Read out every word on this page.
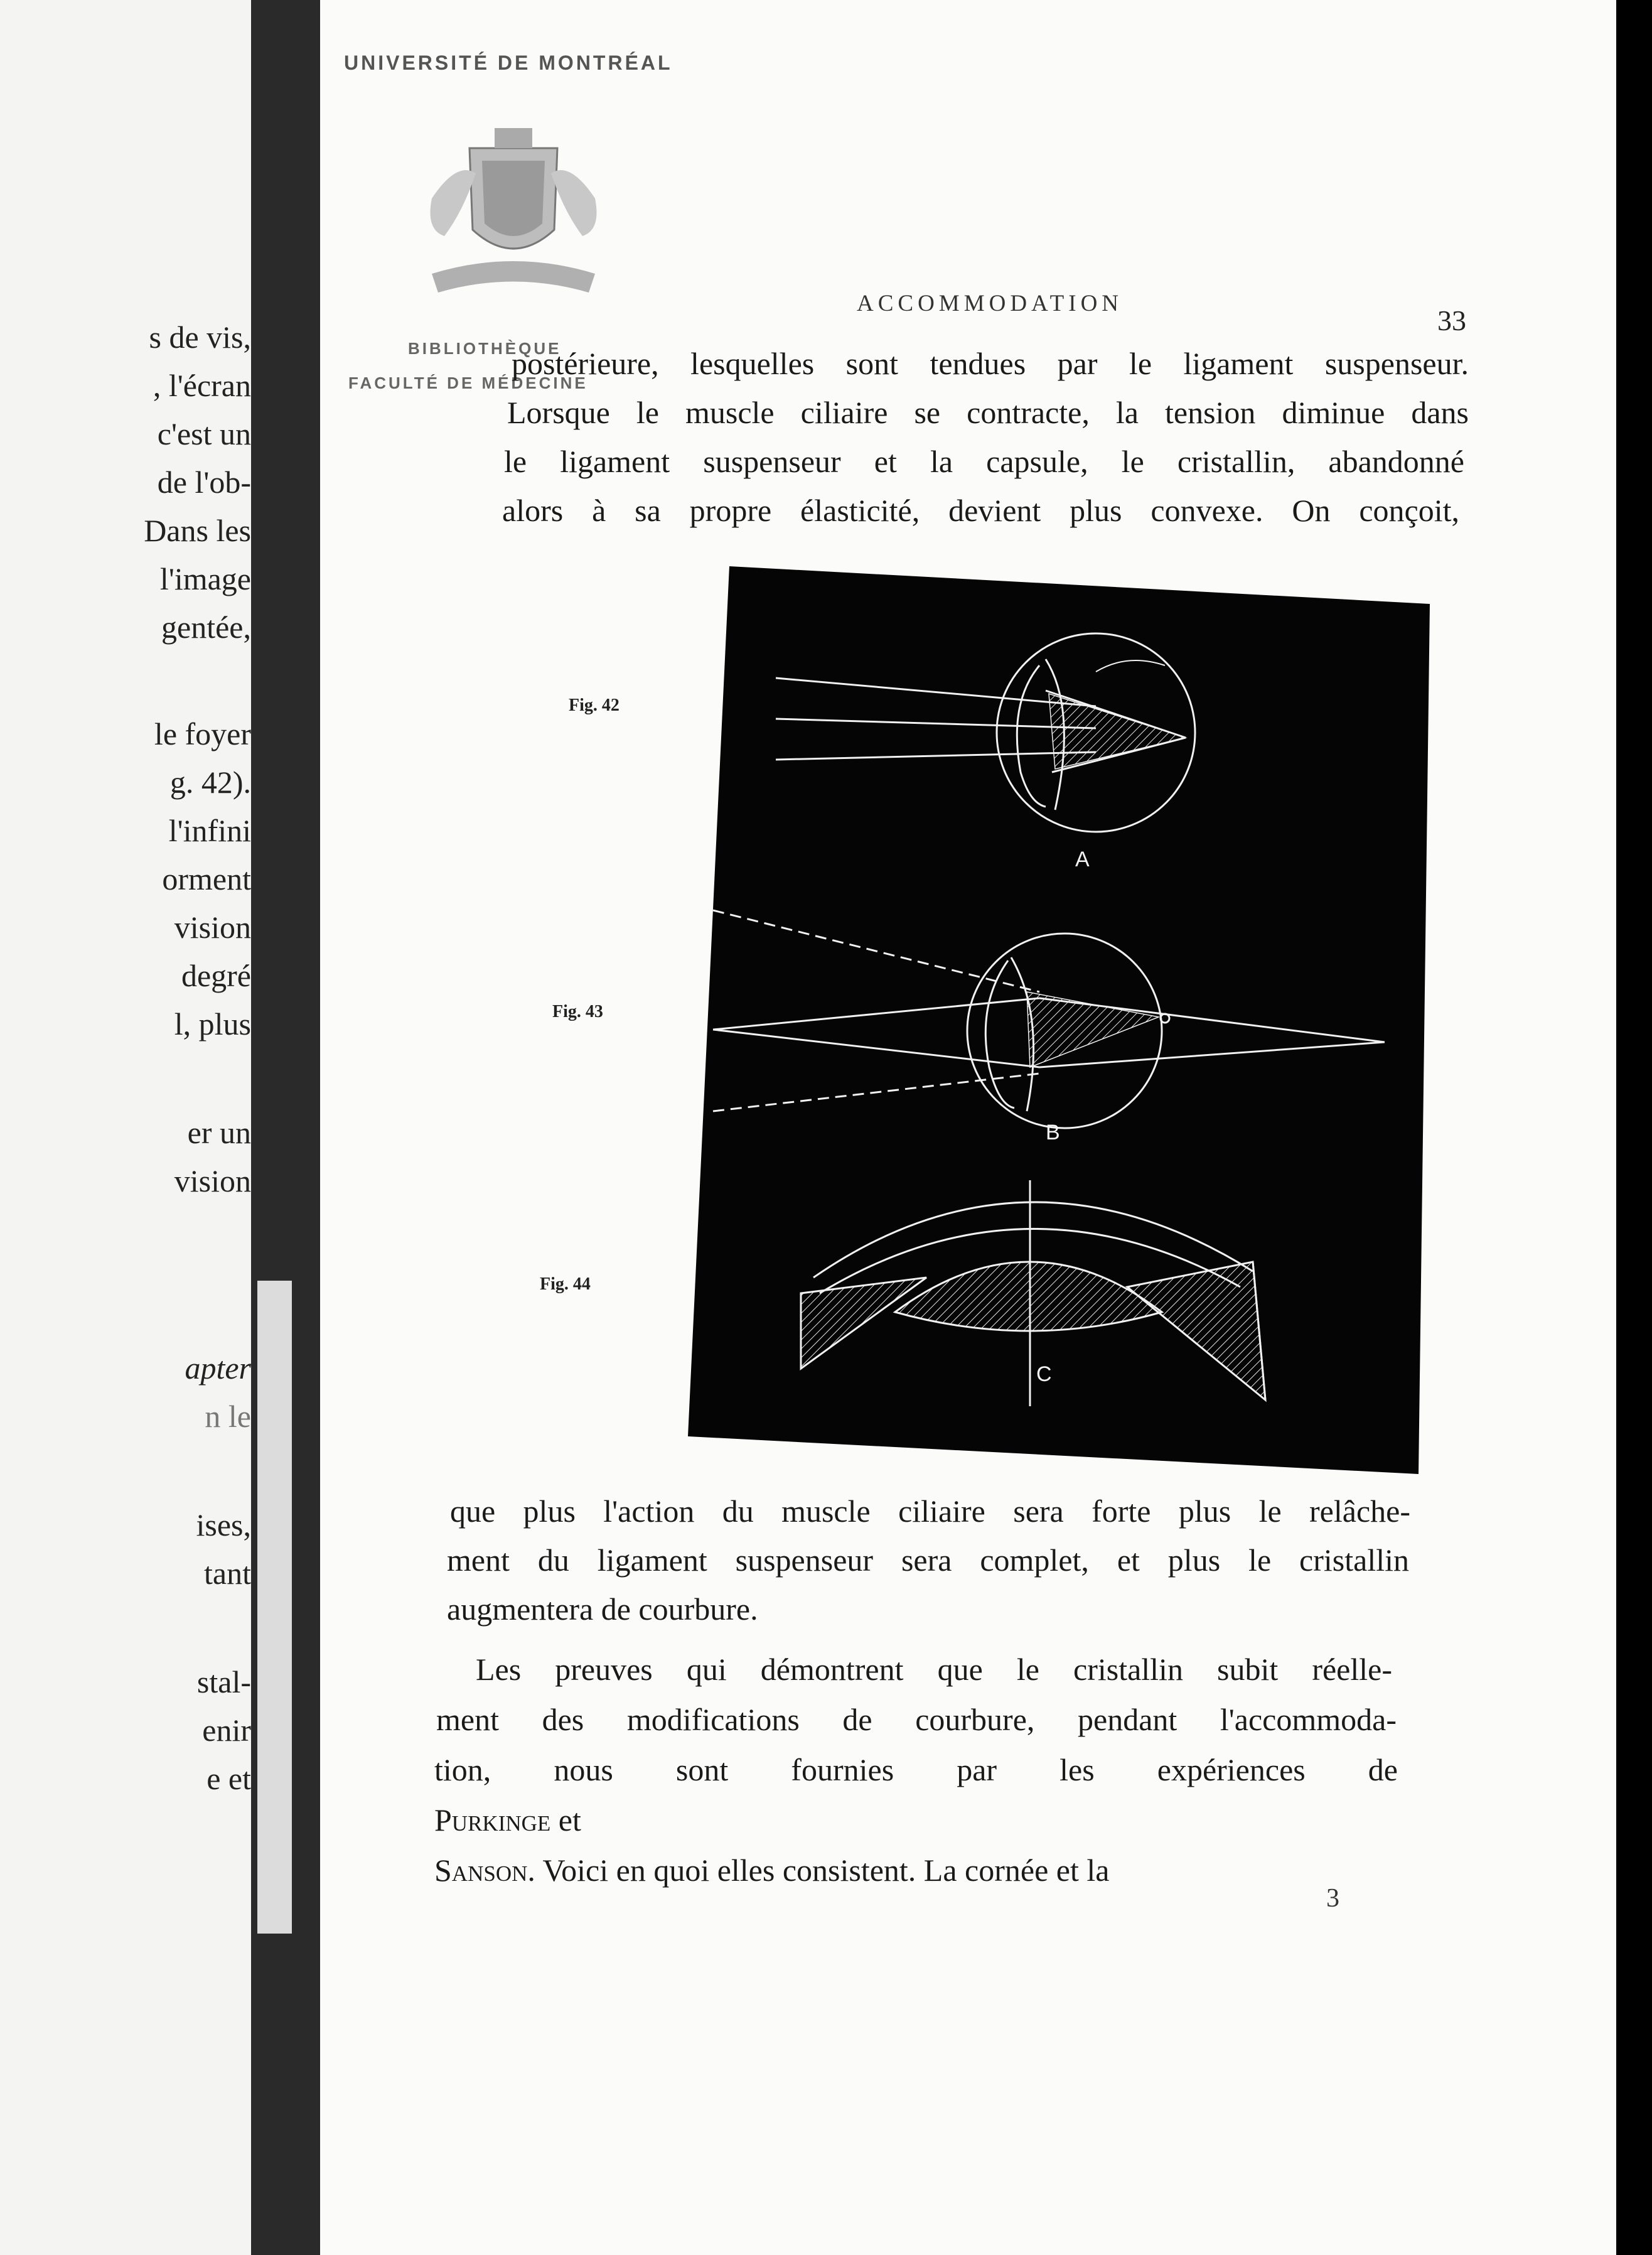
s de vis,
, l'écran
c'est un
de l'ob-
Dans les
l'image
gentée,
le foyer
g. 42).
l'infini
orment
vision
degré
l, plus
er un
vision
apter
n le
ises,
tant
stal-
enir
e et
UNIVERSITÉ DE MONTRÉAL
BIBLIOTHÈQUE
FACULTÉ DE MÉDECINE
ACCOMMODATION
33
postérieure, lesquelles sont tendues par le ligament suspenseur.
Lorsque le muscle ciliaire se contracte, la tension diminue dans
le ligament suspenseur et la capsule, le cristallin, abandonné
alors à sa propre élasticité, devient plus convexe. On conçoit,
Fig. 42
Fig. 43
Fig. 44
A
B
C
que plus l'action du muscle ciliaire sera forte plus le relâche-
ment du ligament suspenseur sera complet, et plus le cristallin
augmentera de courbure.
Les preuves qui démontrent que le cristallin subit réelle-
ment des modifications de courbure, pendant l'accommoda-
tion, nous sont fournies par les expériences de
Purkinge et
Sanson. Voici en quoi elles consistent. La cornée et la
3
